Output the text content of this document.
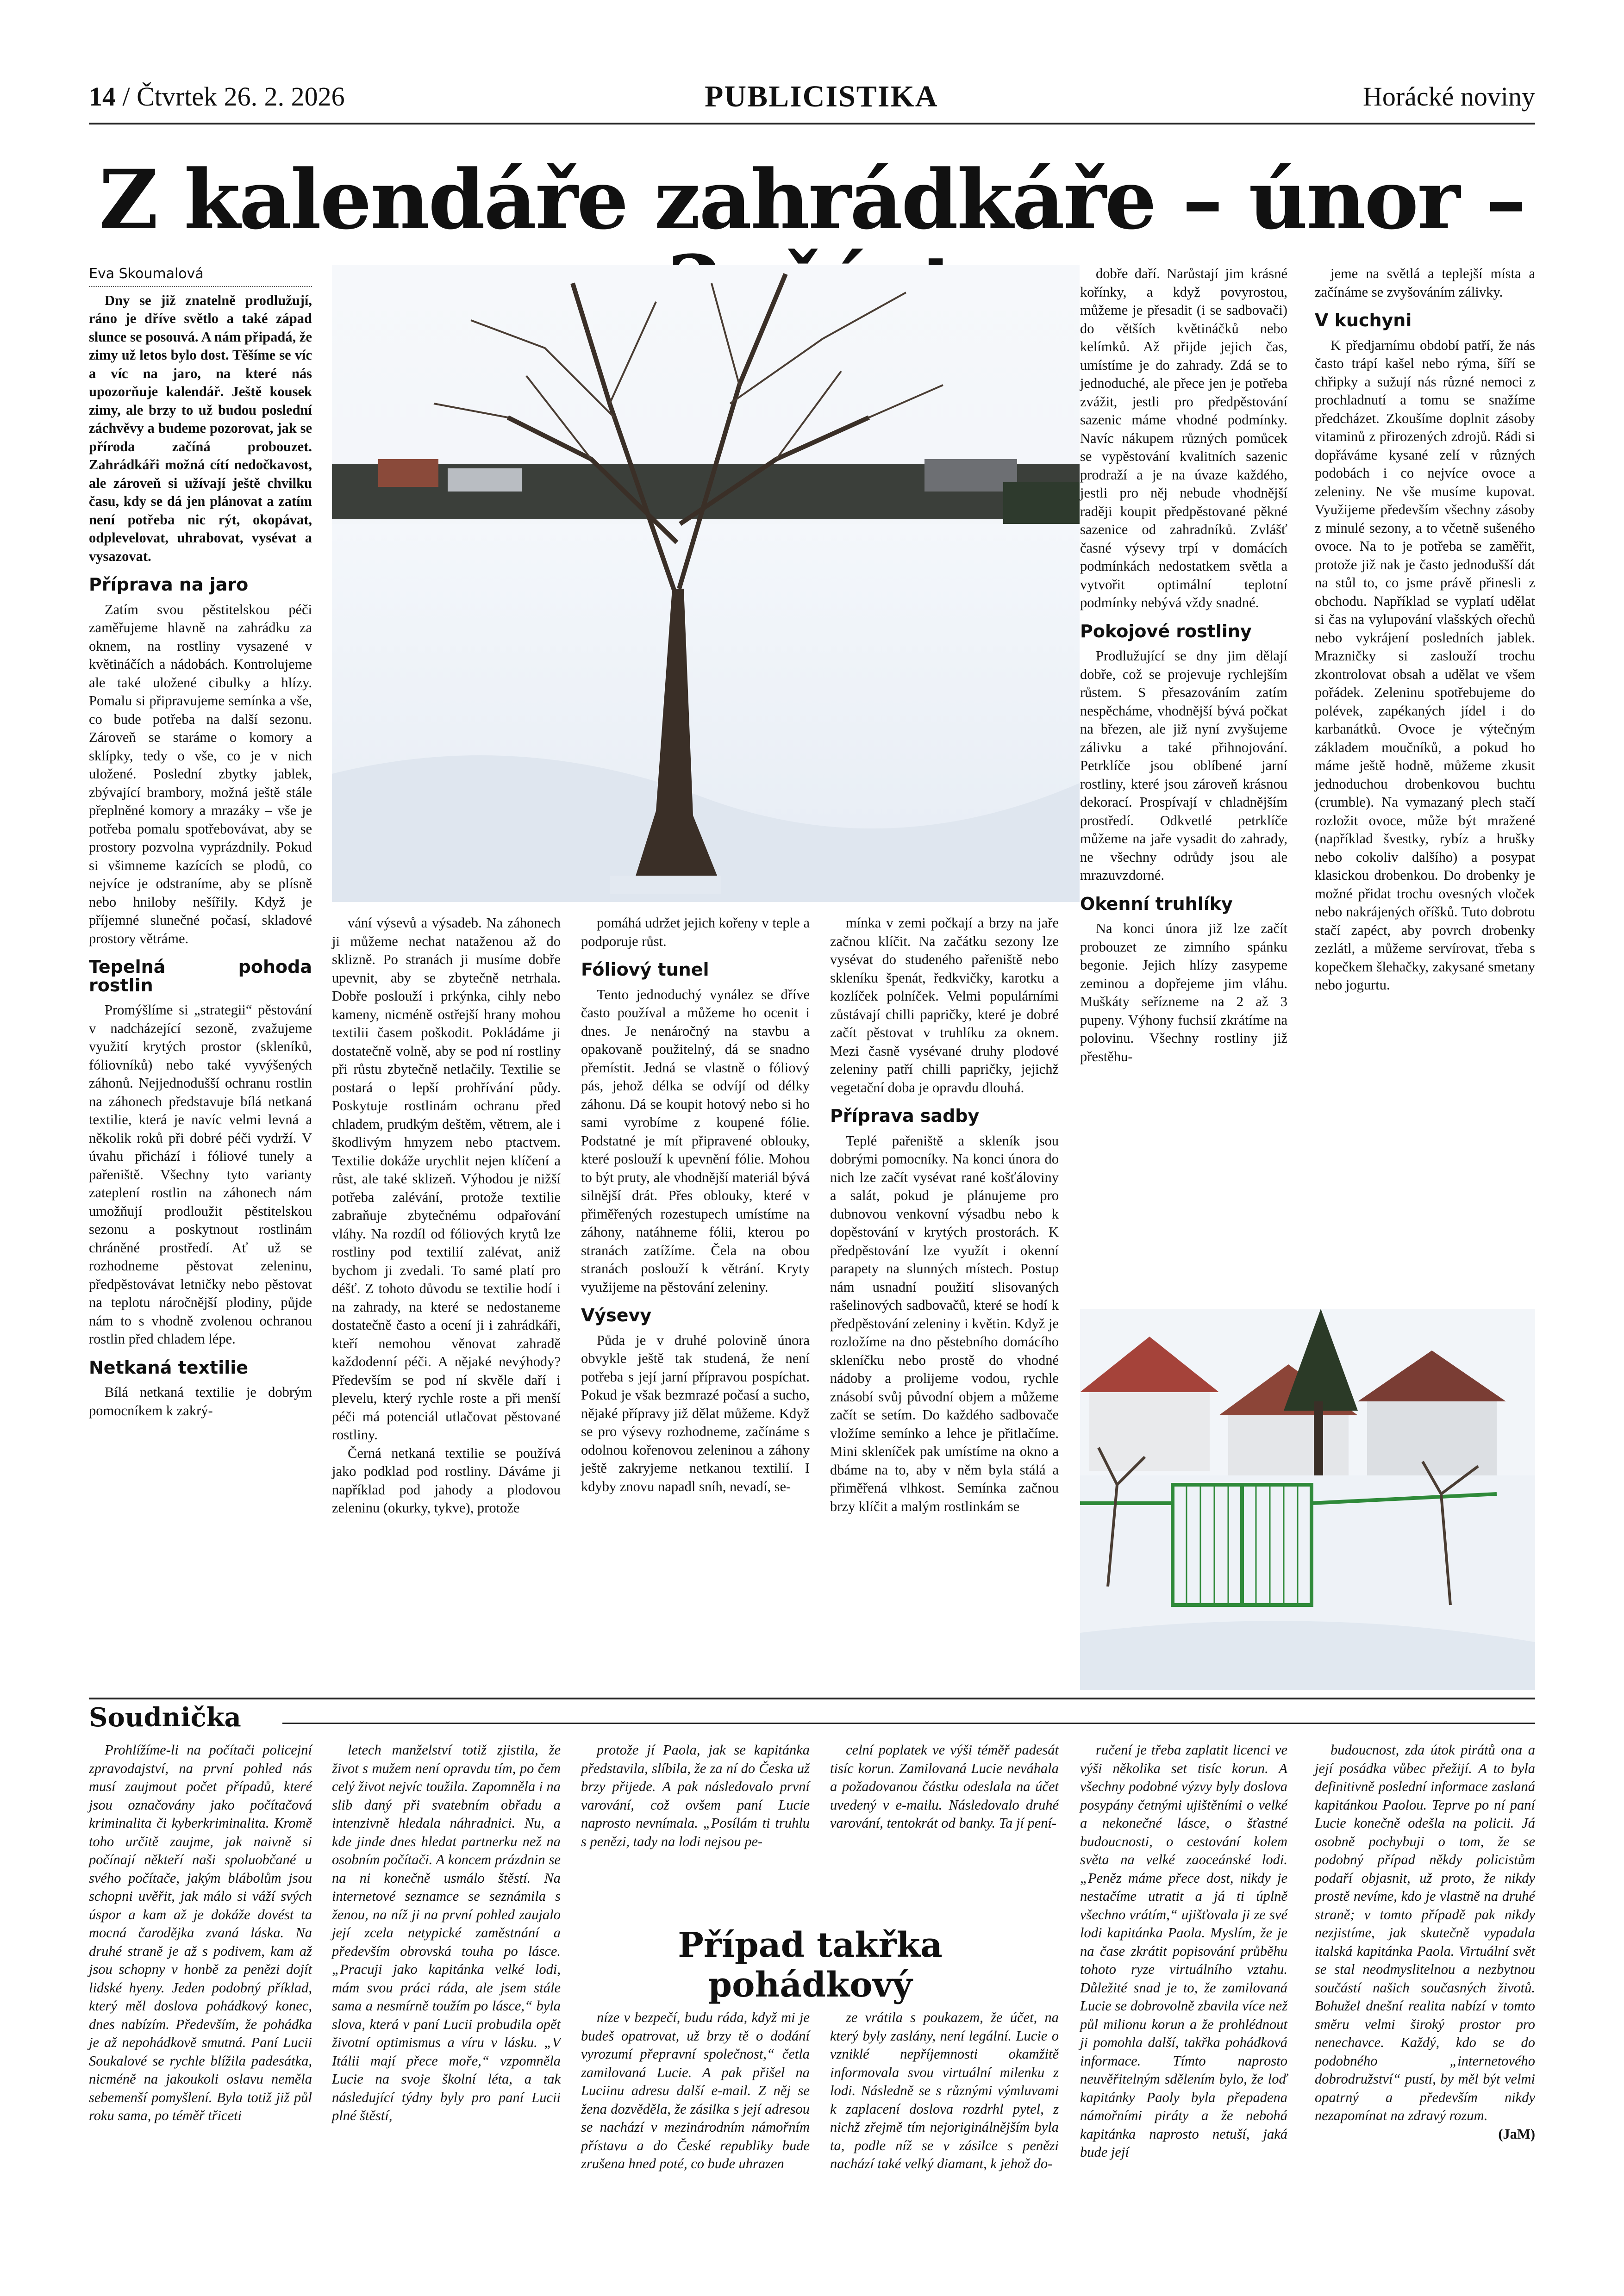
14 / Čtvrtek 26. 2. 2026	PUBLICISTIKA	Horácké noviny
Z kalendáře zahrádkáře – únor –
Eva Skoumalová

Dny se již znatelně prodlužují, ráno je dříve světlo a také západ slunce se posouvá. A nám připadá, že zimy už letos bylo dost. Těšíme se víc a víc na jaro, na které nás upozorňuje kalendář. Ještě kousek zimy, ale brzy to už budou poslední záchvěvy a budeme pozorovat, jak se příroda začíná probouzet. Zahrádkáři možná cítí nedočkavost, ale zároveň si užívají ještě chvilku času, kdy se dá jen plánovat a zatím není potřeba nic rýt, okopávat, odplevelovat, uhrabovat, vysévat a vysazovat.

Příprava na jaro

Zatím svou pěstitelskou péči zaměřujeme hlavně na zahrádku za oknem, na rostliny vysazené v květináčích a nádobách. Kontrolujeme ale také uložené cibulky a hlízy. Pomalu si připravujeme semínka a vše, co bude potřeba na další sezonu. Zároveň se staráme o komory a sklípky, tedy o vše, co je v nich uložené. Poslední zbytky jablek, zbývající brambory, možná ještě stále přeplněné komory a mrazáky – vše je potřeba pomalu spotřebovávat, aby se prostory pozvolna vyprázdnily. Pokud si všimneme kazících se plodů, co nejvíce je odstraníme, aby se plísně nebo hniloby nešířily. Když je příjemné slunečné počasí, skladové prostory větráme.

Tepelná pohoda rostlin

Promýšlíme si „strategii“ pěstování v nadcházející sezoně, zvažujeme využití krytých prostor (skleníků, fóliovníků) nebo také vyvýšených záhonů. Nejjednodušší ochranu rostlin na záhonech představuje bílá netkaná textilie, která je navíc velmi levná a několik roků při dobré péči vydrží. V úvahu přichází i fóliové tunely a pařeniště. Všechny tyto varianty zateplení rostlin na záhonech nám umožňují prodloužit pěstitelskou sezonu a poskytnout rostlinám chráněné prostředí. Ať už se rozhodneme pěstovat zeleninu, předpěstovávat letničky nebo pěstovat na teplotu náročnější plodiny, půjde nám to s vhodně zvolenou ochranou rostlin před chladem lépe.

Netkaná textilie

Bílá netkaná textilie je dobrým pomocníkem k zakrý-

vání výsevů a výsadeb. Na záhonech ji můžeme nechat nataženou až do sklizně. Po stranách ji musíme dobře upevnit, aby se zbytečně netrhala. Dobře poslouží i prkýnka, cihly nebo kameny, nicméně ostřejší hrany mohou textilii časem poškodit. Pokládáme ji dostatečně volně, aby se pod ní rostliny při růstu zbytečně netlačily. Textilie se postará o lepší prohřívání půdy. Poskytuje rostlinám ochranu před chladem, prudkým deštěm, větrem, ale i škodlivým hmyzem nebo ptactvem. Textilie dokáže urychlit nejen klíčení a růst, ale také sklizeň. Výhodou je nižší potřeba zalévání, protože textilie zabraňuje zbytečnému odpařování vláhy. Na rozdíl od fóliových krytů lze rostliny pod textilií zalévat, aniž bychom ji zvedali. To samé platí pro déšť. Z tohoto důvodu se textilie hodí i na zahrady, na které se nedostaneme dostatečně často a ocení ji i zahrádkáři, kteří nemohou věnovat zahradě každodenní péči. A nějaké nevýhody? Především se pod ní skvěle daří i plevelu, který rychle roste a při menší péči má potenciál utlačovat pěstované rostliny.

Černá netkaná textilie se používá jako podklad pod rostliny. Dáváme ji například pod jahody a plodovou zeleninu (okurky, tykve), protože

pomáhá udržet jejich kořeny v teple a podporuje růst.

Fóliový tunel

Tento jednoduchý vynález se dříve často používal a můžeme ho ocenit i dnes. Je nenáročný na stavbu a opakovaně použitelný, dá se snadno přemístit. Jedná se vlastně o fóliový pás, jehož délka se odvíjí od délky záhonu. Dá se koupit hotový nebo si ho sami vyrobíme z koupené fólie. Podstatné je mít připravené oblouky, které poslouží k upevnění fólie. Mohou to být pruty, ale vhodnější materiál bývá silnější drát. Přes oblouky, které v přiměřených rozestupech umístíme na záhony, natáhneme fólii, kterou po stranách zatížíme. Čela na obou stranách poslouží k větrání. Kryty využijeme na pěstování zeleniny.

Výsevy

Půda je v druhé polovině února obvykle ještě tak studená, že není potřeba s její jarní přípravou pospíchat. Pokud je však bezmrazé počasí a sucho, nějaké přípravy již dělat můžeme. Když se pro výsevy rozhodneme, začínáme s odolnou kořenovou zeleninou a záhony ještě zakryjeme netkanou textilií. I kdyby znovu napadl sníh, nevadí, se-

mínka v zemi počkají a brzy na jaře začnou klíčit. Na začátku sezony lze vysévat do studeného pařeniště nebo skleníku špenát, ředkvičky, karotku a kozlíček polníček. Velmi populárními zůstávají chilli papričky, které je dobré začít pěstovat v truhlíku za oknem. Mezi časně vysévané druhy plodové zeleniny patří chilli papričky, jejichž vegetační doba je opravdu dlouhá.

Příprava sadby

Teplé pařeniště a skleník jsou dobrými pomocníky. Na konci února do nich lze začít vysévat rané košťáloviny a salát, pokud je plánujeme pro dubnovou venkovní výsadbu nebo k dopěstování v krytých prostorách. K předpěstování lze využít i okenní parapety na slunných místech. Postup nám usnadní použití slisovaných rašelinových sadbovačů, které se hodí k předpěstování zeleniny i květin. Když je rozložíme na dno pěstebního domácího skleníčku nebo prostě do vhodné nádoby a prolijeme vodou, rychle znásobí svůj původní objem a můžeme začít se setím. Do každého sadbovače vložíme semínko a lehce je přitlačíme. Mini skleníček pak umístíme na okno a dbáme na to, aby v něm byla stálá a přiměřená vlhkost. Semínka začnou brzy klíčit a malým rostlinkám se

dobře daří. Narůstají jim krásné kořínky, a když povyrostou, můžeme je přesadit (i se sadbovači) do větších květináčků nebo kelímků. Až přijde jejich čas, umístíme je do zahrady. Zdá se to jednoduché, ale přece jen je potřeba zvážit, jestli pro předpěstování sazenic máme vhodné podmínky. Navíc nákupem různých pomůcek se vypěstování kvalitních sazenic prodraží a je na úvaze každého, jestli pro něj nebude vhodnější raději koupit předpěstované pěkné sazenice od zahradníků. Zvlášť časné výsevy trpí v domácích podmínkách nedostatkem světla a vytvořit optimální teplotní podmínky nebývá vždy snadné.

Pokojové rostliny

Prodlužující se dny jim dělají dobře, což se projevuje rychlejším růstem. S přesazováním zatím nespěcháme, vhodnější bývá počkat na březen, ale již nyní zvyšujeme zálivku a také přihnojování. Petrklíče jsou oblíbené jarní rostliny, které jsou zároveň krásnou dekorací. Prospívají v chladnějším prostředí. Odkvetlé petrklíče můžeme na jaře vysadit do zahrady, ne všechny odrůdy jsou ale mrazuvzdorné.

Okenní truhlíky

Na konci února již lze začít probouzet ze zimního spánku begonie. Jejich hlízy zasypeme zeminou a dopřejeme jim vláhu. Muškáty seřízneme na 2 až 3 pupeny. Výhony fuchsií zkrátíme na polovinu. Všechny rostliny již přestěhu-

jeme na světlá a teplejší místa a začínáme se zvyšováním zálivky.

V kuchyni

K předjarnímu období patří, že nás často trápí kašel nebo rýma, šíří se chřipky a sužují nás různé nemoci z prochladnutí a tomu se snažíme předcházet. Zkoušíme doplnit zásoby vitaminů z přirozených zdrojů. Rádi si dopřáváme kysané zelí v různých podobách i co nejvíce ovoce a zeleniny. Ne vše musíme kupovat. Využijeme především všechny zásoby z minulé sezony, a to včetně sušeného ovoce. Na to je potřeba se zaměřit, protože již nak je často jednodušší dát na stůl to, co jsme právě přinesli z obchodu. Například se vyplatí udělat si čas na vylupování vlašských ořechů nebo vykrájení posledních jablek. Mrazničky si zaslouží trochu zkontrolovat obsah a udělat ve všem pořádek. Zeleninu spotřebujeme do polévek, zapékaných jídel i do karbanátků. Ovoce je výtečným základem moučníků, a pokud ho máme ještě hodně, můžeme zkusit jednoduchou drobenkovou buchtu (crumble). Na vymazaný plech stačí rozložit ovoce, může být mražené (například švestky, rybíz a hrušky nebo cokoliv dalšího) a posypat klasickou drobenkou. Do drobenky je možné přidat trochu ovesných vloček nebo nakrájených oříšků. Tuto dobrotu stačí zapéct, aby povrch drobenky zezlátl, a můžeme servírovat, třeba s kopečkem šlehačky, zakysané smetany nebo jogurtu.

Soudnička

Prohlížíme-li na počítači policejní zpravodajství, na první pohled nás musí zaujmout počet případů, které jsou označovány jako počítačová kriminalita či kyberkriminalita. Kromě toho určitě zaujme, jak naivně si počínají někteří naši spoluobčané u svého počítače, jakým blábolům jsou schopni uvěřit, jak málo si váží svých úspor a kam až je dokáže dovést ta mocná čarodějka zvaná láska. Na druhé straně je až s podivem, kam až jsou schopny v honbě za penězi dojít lidské hyeny. Jeden podobný příklad, který měl doslova pohádkový konec, dnes nabízím. Především, že pohádka je až nepohádkově smutná. Paní Lucii Soukalové se rychle blížila padesátka, nicméně na jakoukoli oslavu neměla sebemenší pomyšlení. Byla totiž již půl roku sama, po téměř třiceti

letech manželství totiž zjistila, že život s mužem není opravdu tím, po čem celý život nejvíc toužila. Zapomněla i na slib daný při svatebním obřadu a intenzivně hledala náhradnici. Nu, a kde jinde dnes hledat partnerku než na osobním počítači. A koncem prázdnin se na ni konečně usmálo štěstí. Na internetové seznamce se seznámila s ženou, na níž ji na první pohled zaujalo její zcela netypické zaměstnání a především obrovská touha po lásce. „Pracuji jako kapitánka velké lodi, mám svou práci ráda, ale jsem stále sama a nesmírně toužím po lásce,“ byla slova, která v paní Lucii probudila opět životní optimismus a víru v lásku. „V Itálii mají přece moře,“ vzpomněla Lucie na svoje školní léta, a tak následující týdny byly pro paní Lucii plné štěstí,

protože jí Paola, jak se kapitánka představila, slíbila, že za ní do Česka už brzy přijede. A pak následovalo první varování, což ovšem paní Lucie naprosto nevnímala. „Posílám ti truhlu s penězi, tady na lodi nejsou pe-

celní poplatek ve výši téměř padesát tisíc korun. Zamilovaná Lucie neváhala a požadovanou částku odeslala na účet uvedený v e-mailu. Následovalo druhé varování, tentokrát od banky. Ta jí pení-

Případ takřka pohádkový

níze v bezpečí, budu ráda, když mi je budeš opatrovat, už brzy tě o dodání vyrozumí přepravní společnost,“ četla zamilovaná Lucie. A pak přišel na Luciinu adresu další e-mail. Z něj se žena dozvěděla, že zásilka s její adresou se nachází v mezinárodním námořním přístavu a do České republiky bude zrušena hned poté, co bude uhrazen

ze vrátila s poukazem, že účet, na který byly zaslány, není legální. Lucie o vzniklé nepříjemnosti okamžitě informovala svou virtuální milenku z lodi. Následně se s různými výmluvami k zaplacení doslova rozdrhl pytel, z nichž zřejmě tím nejoriginálnějším byla ta, podle níž se v zásilce s penězi nachází také velký diamant, k jehož do-

ručení je třeba zaplatit licenci ve výši několika set tisíc korun. A všechny podobné výzvy byly doslova posypány četnými ujištěními o velké a nekonečné lásce, o šťastné budoucnosti, o cestování kolem světa na velké zaoceánské lodi. „Peněz máme přece dost, nikdy je nestačíme utratit a já ti úplně všechno vrátím,“ ujišťovala ji ze své lodi kapitánka Paola. Myslím, že je na čase zkrátit popisování průběhu tohoto ryze virtuálního vztahu. Důležité snad je to, že zamilovaná Lucie se dobrovolně zbavila více než půl milionu korun a že prohlédnout ji pomohla další, takřka pohádková informace. Tímto naprosto neuvěřitelným sdělením bylo, že loď kapitánky Paoly byla přepadena námořními piráty a že nebohá kapitánka naprosto netuší, jaká bude její

budoucnost, zda útok pirátů ona a její posádka vůbec přežijí. A to byla definitivně poslední informace zaslaná kapitánkou Paolou. Teprve po ní paní Lucie konečně odešla na policii. Já osobně pochybuji o tom, že se podobný případ někdy policistům podaří objasnit, už proto, že nikdy prostě nevíme, kdo je vlastně na druhé straně; v tomto případě pak nikdy nezjistíme, jak skutečně vypadala italská kapitánka Paola. Virtuální svět se stal neodmyslitelnou a nezbytnou součástí našich současných životů. Bohužel dnešní realita nabízí v tomto směru velmi široký prostor pro nenechavce. Každý, kdo se do podobného „internetového dobrodružství“ pustí, by měl být velmi opatrný a především nikdy nezapomínat na zdravý rozum.

(JaM)
